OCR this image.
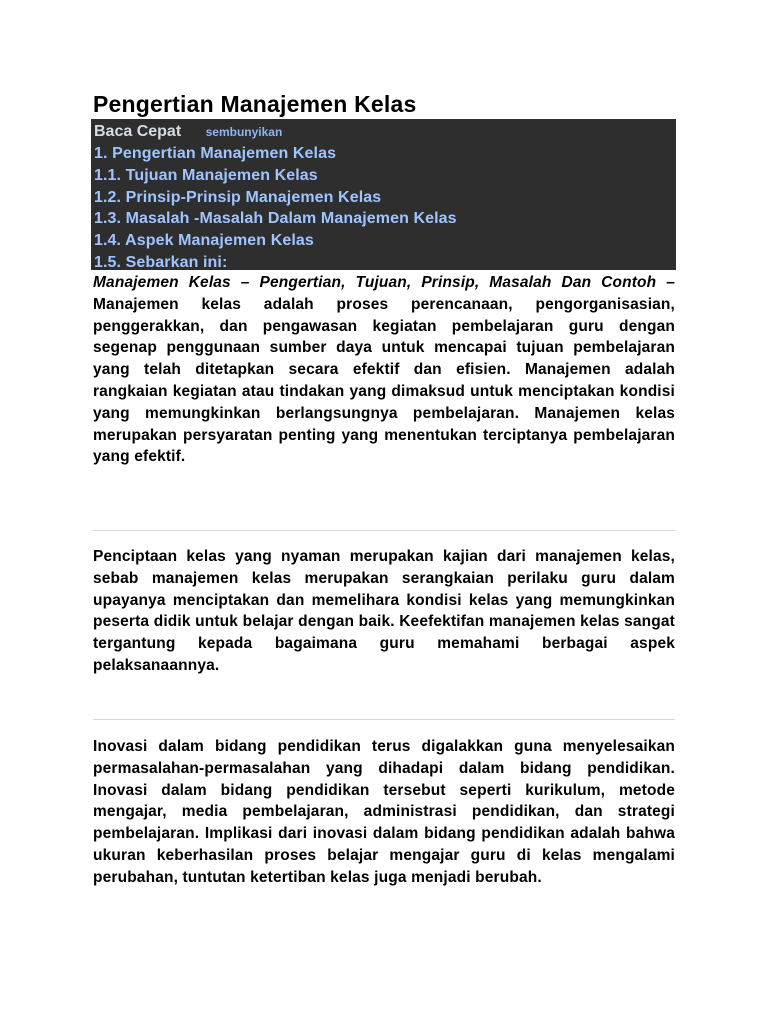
Pengertian Manajemen Kelas
Baca Cepat sembunyikan
1. Pengertian Manajemen Kelas
1.1. Tujuan Manajemen Kelas
1.2. Prinsip-Prinsip Manajemen Kelas
1.3. Masalah -Masalah Dalam Manajemen Kelas
1.4. Aspek Manajemen Kelas
1.5. Sebarkan ini:

Manajemen Kelas – Pengertian, Tujuan, Prinsip, Masalah Dan Contoh – Manajemen kelas adalah proses perencanaan, pengorganisasian, penggerakkan, dan pengawasan kegiatan pembelajaran guru dengan segenap penggunaan sumber daya untuk mencapai tujuan pembelajaran yang telah ditetapkan secara efektif dan efisien. Manajemen adalah rangkaian kegiatan atau tindakan yang dimaksud untuk menciptakan kondisi yang memungkinkan berlangsungnya pembelajaran. Manajemen kelas merupakan persyaratan penting yang menentukan terciptanya pembelajaran yang efektif.

Penciptaan kelas yang nyaman merupakan kajian dari manajemen kelas, sebab manajemen kelas merupakan serangkaian perilaku guru dalam upayanya menciptakan dan memelihara kondisi kelas yang memungkinkan peserta didik untuk belajar dengan baik. Keefektifan manajemen kelas sangat tergantung kepada bagaimana guru memahami berbagai aspek pelaksanaannya.

Inovasi dalam bidang pendidikan terus digalakkan guna menyelesaikan permasalahan-permasalahan yang dihadapi dalam bidang pendidikan. Inovasi dalam bidang pendidikan tersebut seperti kurikulum, metode mengajar, media pembelajaran, administrasi pendidikan, dan strategi pembelajaran. Implikasi dari inovasi dalam bidang pendidikan adalah bahwa ukuran keberhasilan proses belajar mengajar guru di kelas mengalami perubahan, tuntutan ketertiban kelas juga menjadi berubah.
